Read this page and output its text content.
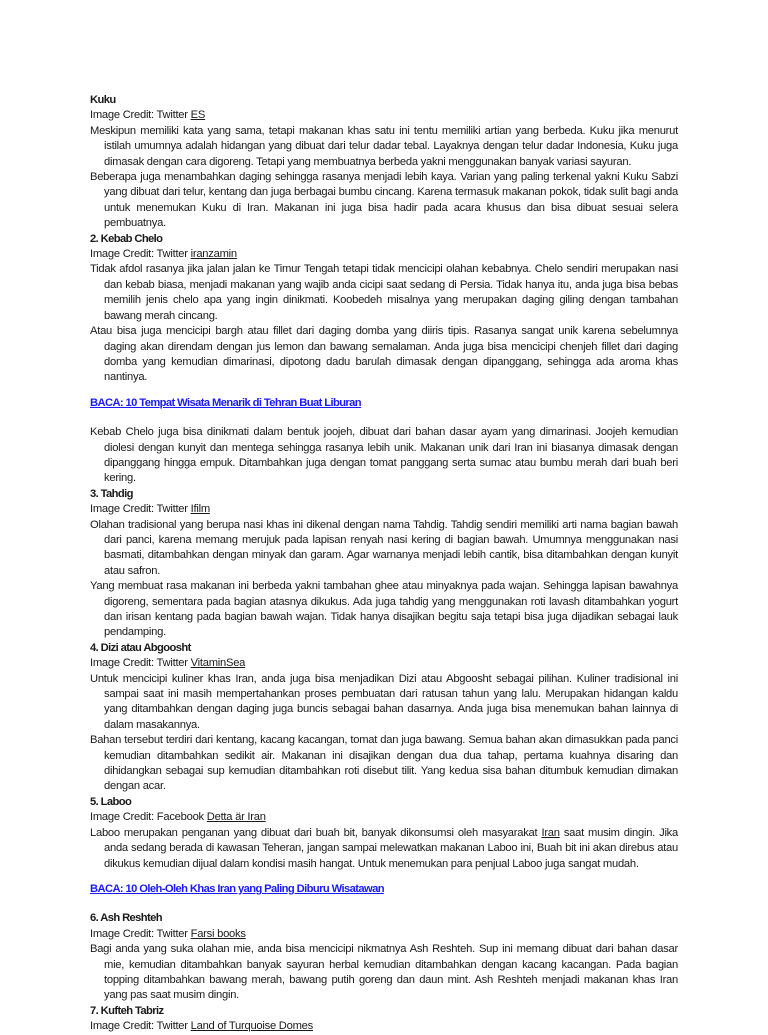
Kuku

Image Credit: Twitter ES

Meskipun memiliki kata yang sama, tetapi makanan khas satu ini tentu memiliki artian yang berbeda. Kuku jika menurut istilah umumnya adalah hidangan yang dibuat dari telur dadar tebal. Layaknya dengan telur dadar Indonesia, Kuku juga dimasak dengan cara digoreng. Tetapi yang membuatnya berbeda yakni menggunakan banyak variasi sayuran.

Beberapa juga menambahkan daging sehingga rasanya menjadi lebih kaya. Varian yang paling terkenal yakni Kuku Sabzi yang dibuat dari telur, kentang dan juga berbagai bumbu cincang. Karena termasuk makanan pokok, tidak sulit bagi anda untuk menemukan Kuku di Iran. Makanan ini juga bisa hadir pada acara khusus dan bisa dibuat sesuai selera pembuatnya.

2. Kebab Chelo

Image Credit: Twitter iranzamin

Tidak afdol rasanya jika jalan jalan ke Timur Tengah tetapi tidak mencicipi olahan kebabnya. Chelo sendiri merupakan nasi dan kebab biasa, menjadi makanan yang wajib anda cicipi saat sedang di Persia. Tidak hanya itu, anda juga bisa bebas memilih jenis chelo apa yang ingin dinikmati. Koobedeh misalnya yang merupakan daging giling dengan tambahan bawang merah cincang.

Atau bisa juga mencicipi bargh atau fillet dari daging domba yang diiris tipis. Rasanya sangat unik karena sebelumnya daging akan direndam dengan jus lemon dan bawang semalaman. Anda juga bisa mencicipi chenjeh fillet dari daging domba yang kemudian dimarinasi, dipotong dadu barulah dimasak dengan dipanggang, sehingga ada aroma khas nantinya.

BACA: 10 Tempat Wisata Menarik di Tehran Buat Liburan

Kebab Chelo juga bisa dinikmati dalam bentuk joojeh, dibuat dari bahan dasar ayam yang dimarinasi. Joojeh kemudian diolesi dengan kunyit dan mentega sehingga rasanya lebih unik. Makanan unik dari Iran ini biasanya dimasak dengan dipanggang hingga empuk. Ditambahkan juga dengan tomat panggang serta sumac atau bumbu merah dari buah beri kering.

3. Tahdig

Image Credit: Twitter Ifilm

Olahan tradisional yang berupa nasi khas ini dikenal dengan nama Tahdig. Tahdig sendiri memiliki arti nama bagian bawah dari panci, karena memang merujuk pada lapisan renyah nasi kering di bagian bawah. Umumnya menggunakan nasi basmati, ditambahkan dengan minyak dan garam. Agar warnanya menjadi lebih cantik, bisa ditambahkan dengan kunyit atau safron.

Yang membuat rasa makanan ini berbeda yakni tambahan ghee atau minyaknya pada wajan. Sehingga lapisan bawahnya digoreng, sementara pada bagian atasnya dikukus. Ada juga tahdig yang menggunakan roti lavash ditambahkan yogurt dan irisan kentang pada bagian bawah wajan. Tidak hanya disajikan begitu saja tetapi bisa juga dijadikan sebagai lauk pendamping.

4. Dizi atau Abgoosht

Image Credit: Twitter VitaminSea

Untuk mencicipi kuliner khas Iran, anda juga bisa menjadikan Dizi atau Abgoosht sebagai pilihan. Kuliner tradisional ini sampai saat ini masih mempertahankan proses pembuatan dari ratusan tahun yang lalu. Merupakan hidangan kaldu yang ditambahkan dengan daging juga buncis sebagai bahan dasarnya. Anda juga bisa menemukan bahan lainnya di dalam masakannya.

Bahan tersebut terdiri dari kentang, kacang kacangan, tomat dan juga bawang. Semua bahan akan dimasukkan pada panci kemudian ditambahkan sedikit air. Makanan ini disajikan dengan dua dua tahap, pertama kuahnya disaring dan dihidangkan sebagai sup kemudian ditambahkan roti disebut tilit. Yang kedua sisa bahan ditumbuk kemudian dimakan dengan acar.

5. Laboo

Image Credit: Facebook Detta är Iran

Laboo merupakan penganan yang dibuat dari buah bit, banyak dikonsumsi oleh masyarakat Iran saat musim dingin. Jika anda sedang berada di kawasan Teheran, jangan sampai melewatkan makanan Laboo ini, Buah bit ini akan direbus atau dikukus kemudian dijual dalam kondisi masih hangat. Untuk menemukan para penjual Laboo juga sangat mudah.

BACA: 10 Oleh-Oleh Khas Iran yang Paling Diburu Wisatawan

6. Ash Reshteh

Image Credit: Twitter Farsi books

Bagi anda yang suka olahan mie, anda bisa mencicipi nikmatnya Ash Reshteh. Sup ini memang dibuat dari bahan dasar mie, kemudian ditambahkan banyak sayuran herbal kemudian ditambahkan dengan kacang kacangan. Pada bagian topping ditambahkan bawang merah, bawang putih goreng dan daun mint. Ash Reshteh menjadi makanan khas Iran yang pas saat musim dingin.

7. Kufteh Tabriz

Image Credit: Twitter Land of Turquoise Domes
